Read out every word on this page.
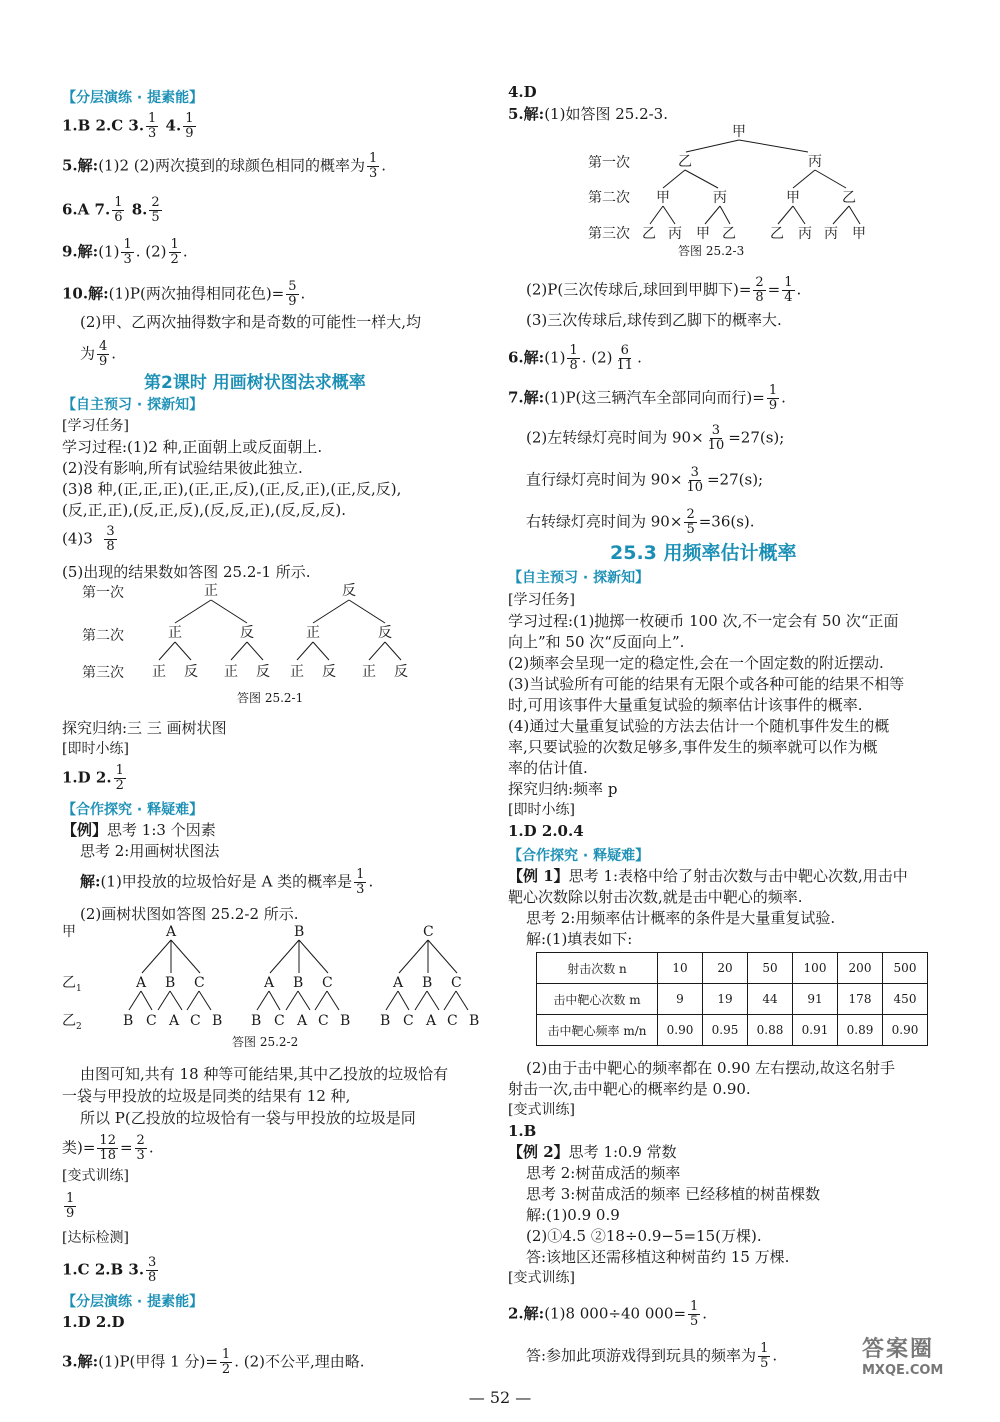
【分层演练 · 提素能】
1.B 2.C 3. $\frac{1}{3} 4$. $\frac{1}{9}$
5.解:(1)2 (2)两次摸到的球颜色相同的概率为 $\frac{1}{3}$ .
6.A 7. $\frac{1}{6} 8$. $\frac{2}{5}$
9.解:(1) $\frac{1}{3}$ . $(2) \frac{1}{2}$ .
10.解:(1)P(两次抽得相同花色)= $\frac{5}{9}$ .
(2)甲、乙两次抽得数字和是奇数的可能性一样大,均
为 $\frac{4}{9}$ .
第2课时 用画树状图法求概率
【自主预习 · 探新知】
[学习任务]
学习过程:(1)2 种,正面朝上或反面朝上.
(2)没有影响,所有试验结果彼此独立.
(3)8 种,(正,正,正),(正,正,反),(正,反,正),(正,反,反),
(反,正,正),(反,正,反),(反,反,正),(反,反,反).
$(4)3 \frac{3}{8}$
(5)出现的结果数如答图 25.2-1 所示.
第一次
第二次
第三次
正	反
正	反	正	反
正 反 正 反 正 反 正 反
答图 25.2-1
探究归纳:三 三 画树状图
[即时小练]
1.D 2. $\frac{1}{2}$
【合作探究 · 释疑难】
【例】思考 1:3 个因素
思考 2:用画树状图法
解:(1)甲投放的垃圾恰好是 A 类的概率是 $\frac{1}{3}$ .
(2)画树状图如答图 25.2-2 所示.
甲
乙 1
乙 2
A
A B C
B C A C B
B
A B C
B C A C B
C
A B C
B C A C B
答图 25.2-2
由图可知,共有 18 种等可能结果,其中乙投放的垃圾恰有
一袋与甲投放的垃圾是同类的结果有 12 种,
所以 P(乙投放的垃圾恰有一袋与甲投放的垃圾是同
类)= $\frac{12}{18} = \frac{2}{3}$ .
[变式训练]
$\frac{1}{9}$
[达标检测]
1.C 2.B 3. $\frac{3}{8}$
【分层演练 · 提素能】
1.D 2.D
3.解:(1)P(甲得 1 分)= $\frac{1}{2}$ . (2)不公平,理由略.
4.D
5.解:(1)如答图 25.2-3.
甲
第一次
第二次
第三次
乙	丙
甲	丙	甲	乙
乙 丙 甲 乙 乙 丙 丙 甲
答图 25.2-3
(2)P(三次传球后,球回到甲脚下)= $\frac{2}{8} = \frac{1}{4}$ .
(3)三次传球后,球传到乙脚下的概率大.
6.解:(1) $\frac{1}{8}$ . $(2) \frac{6}{11}$ .
7.解:(1)P(这三辆汽车全部同向而行)= $\frac{1}{9}$ .
(2)左转绿灯亮时间为 $90\times \frac{3}{10} =27(s)$;
直行绿灯亮时间为 $90\times \frac{3}{10} =27(s)$;
右转绿灯亮时间为 $90\times \frac{2}{5} =36(s)$.
25.3 用频率估计概率
【自主预习 · 探新知】
[学习任务]
学习过程:(1)抛掷一枚硬币 100 次,不一定会有 50 次“正面
向上”和 50 次“反面向上”.
(2)频率会呈现一定的稳定性,会在一个固定数的附近摆动.
(3)当试验所有可能的结果有无限个或各种可能的结果不相等
时,可用该事件大量重复试验的频率估计该事件的概率.
(4)通过大量重复试验的方法去估计一个随机事件发生的概
率,只要试验的次数足够多,事件发生的频率就可以作为概
率的估计值.
探究归纳:频率 p
[即时小练]
1.D 2.0.4
【合作探究 · 释疑难】
【例 1】思考 1:表格中给了射击次数与击中靶心次数,用击中
靶心次数除以射击次数,就是击中靶心的频率.
思考 2:用频率估计概率的条件是大量重复试验.
解:(1)填表如下:
射击次数 n	10	20	50	100	200	500
击中靶心次数 m	9	19	44	91	178	450
击中靶心频率 m/n	0.90	0.95	0.88	0.91	0.89	0.90
(2)由于击中靶心的频率都在 0.90 左右摆动,故这名射手
射击一次,击中靶心的概率约是 0.90.
[变式训练]
1.B
【例 2】思考 1:0.9 常数
思考 2:树苗成活的频率
思考 3:树苗成活的频率 已经移植的树苗棵数
解:(1)0.9 0.9
(2)①4.5 ②18÷0.9−5=15(万棵).
答:该地区还需移植这种树苗约 15 万棵.
[变式训练]
2.解:(1)8 000÷40 $000= \frac{1}{5}$ .
答:参加此项游戏得到玩具的频率为 $\frac{1}{5}$ .
— 52 —
答案圈
MXQE.COM
